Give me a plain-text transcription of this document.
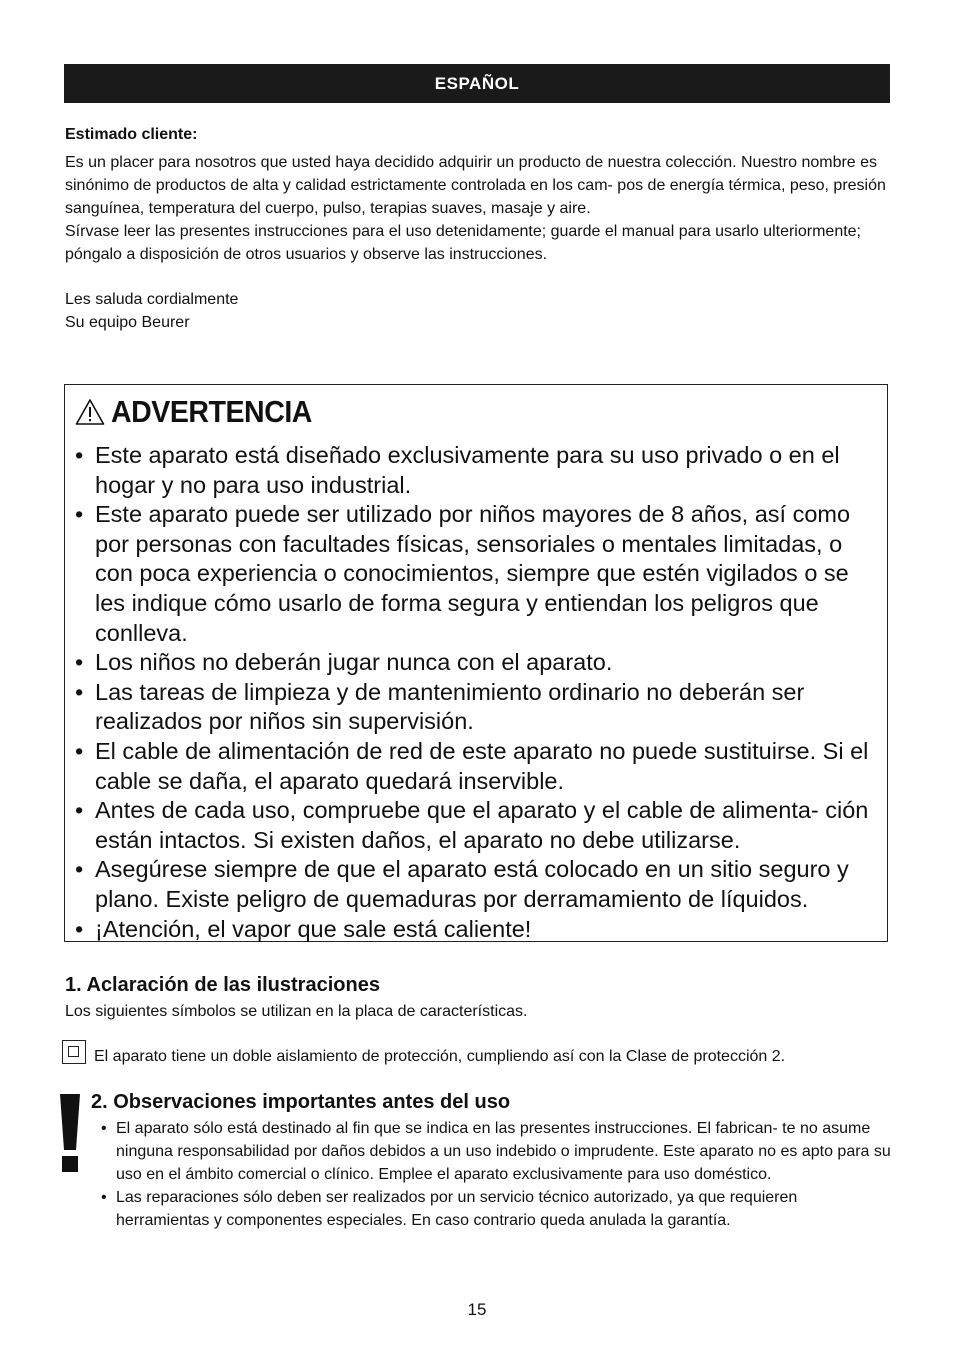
ESPAÑOL
Estimado cliente:

Es un placer para nosotros que usted haya decidido adquirir un producto de nuestra colección. Nuestro nombre es sinónimo de productos de alta y calidad estrictamente controlada en los cam- pos de energía térmica, peso, presión sanguínea, temperatura del cuerpo, pulso, terapias suaves, masaje y aire.

Sírvase leer las presentes instrucciones para el uso detenidamente; guarde el manual para usarlo ulteriormente; póngalo a disposición de otros usuarios y observe las instrucciones.

Les saluda cordialmente

Su equipo Beurer

ADVERTENCIA
• Este aparato está diseñado exclusivamente para su uso privado o en el hogar y no para uso industrial.
• Este aparato puede ser utilizado por niños mayores de 8 años, así como por personas con facultades físicas, sensoriales o mentales limitadas, o con poca experiencia o conocimientos, siempre que estén vigilados o se les indique cómo usarlo de forma segura y entiendan los peligros que conlleva.
• Los niños no deberán jugar nunca con el aparato.
• Las tareas de limpieza y de mantenimiento ordinario no deberán ser realizados por niños sin supervisión.
• El cable de alimentación de red de este aparato no puede sustituirse. Si el cable se daña, el aparato quedará inservible.
• Antes de cada uso, compruebe que el aparato y el cable de alimenta- ción están intactos. Si existen daños, el aparato no debe utilizarse.
• Asegúrese siempre de que el aparato está colocado en un sitio seguro y plano. Existe peligro de quemaduras por derramamiento de líquidos.
• ¡Atención, el vapor que sale está caliente!
1. Aclaración de las ilustraciones
Los siguientes símbolos se utilizan en la placa de características.
El aparato tiene un doble aislamiento de protección, cumpliendo así con la Clase de protección 2.
2. Observaciones importantes antes del uso
• El aparato sólo está destinado al fin que se indica en las presentes instrucciones. El fabrican- te no asume ninguna responsabilidad por daños debidos a un uso indebido o imprudente. Este aparato no es apto para su uso en el ámbito comercial o clínico. Emplee el aparato exclusivamente para uso doméstico.
• Las reparaciones sólo deben ser realizados por un servicio técnico autorizado, ya que requieren herramientas y componentes especiales. En caso contrario queda anulada la garantía.
15
